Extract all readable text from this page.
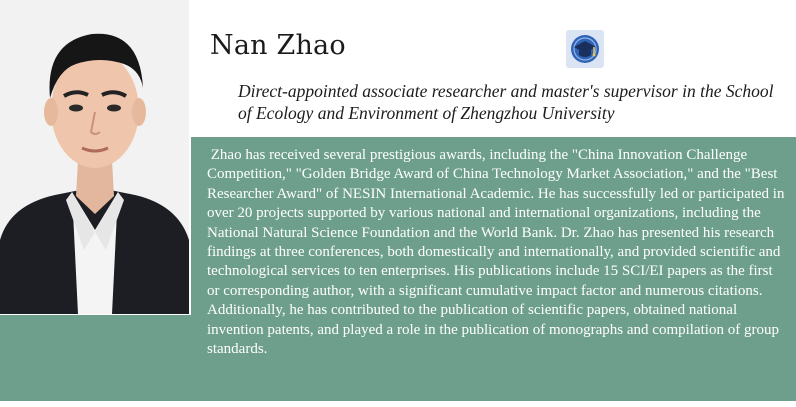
Nan Zhao
Direct-appointed associate researcher and master's supervisor in the School of Ecology and Environment of Zhengzhou University
Zhao has received several prestigious awards, including the "China Innovation Challenge Competition," "Golden Bridge Award of China Technology Market Association," and the "Best Researcher Award" of NESIN International Academic. He has successfully led or participated in over 20 projects supported by various national and international organizations, including the National Natural Science Foundation and the World Bank. Dr. Zhao has presented his research findings at three conferences, both domestically and internationally, and provided scientific and technological services to ten enterprises. His publications include 15 SCI/EI papers as the first or corresponding author, with a significant cumulative impact factor and numerous citations. Additionally, he has contributed to the publication of scientific papers, obtained national invention patents, and played a role in the publication of monographs and compilation of group standards.
